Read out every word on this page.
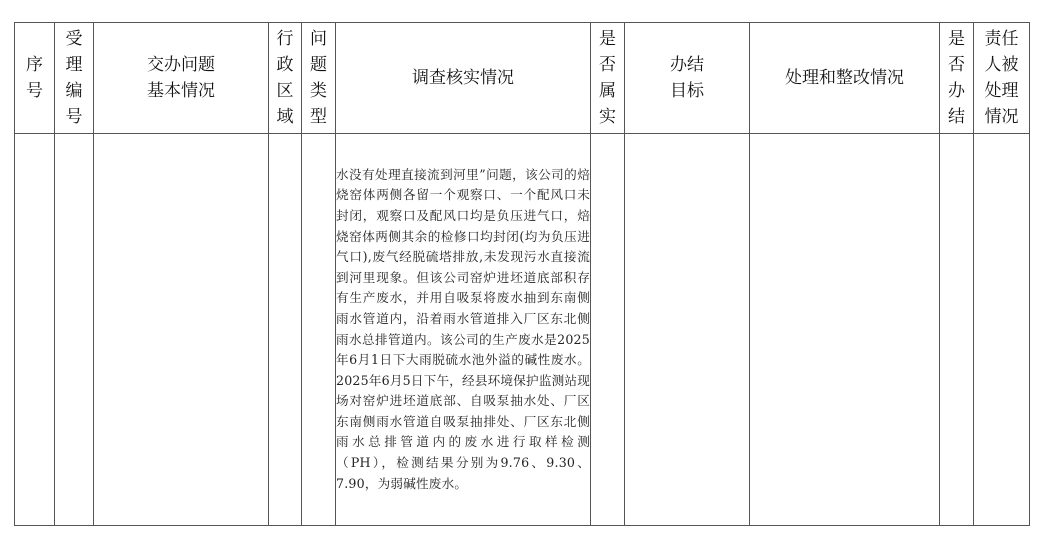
序号	受理编号	交办问题基本情况	行政区域	问题类型	调查核实情况	是否属实	办结目标	处理和整改情况	是否办结	责任人被处理情况

					水没有处理直接流到河里”问题，该公司的焙烧窑体两侧各留一个观察口、一个配风口未封闭，观察口及配风口均是负压进气口，焙烧窑体两侧其余的检修口均封闭(均为负压进气口),废气经脱硫塔排放,未发现污水直接流到河里现象。但该公司窑炉进坯道底部积存有生产废水，并用自吸泵将废水抽到东南侧雨水管道内，沿着雨水管道排入厂区东北侧雨水总排管道内。该公司的生产废水是2025年6月1日下大雨脱硫水池外溢的碱性废水。2025年6月5日下午，经县环境保护监测站现场对窑炉进坯道底部、自吸泵抽水处、厂区东南侧雨水管道自吸泵抽排处、厂区东北侧雨水总排管道内的废水进行取样检测（PH），检测结果分别为9.76、9.30、7.90，为弱碱性废水。					
